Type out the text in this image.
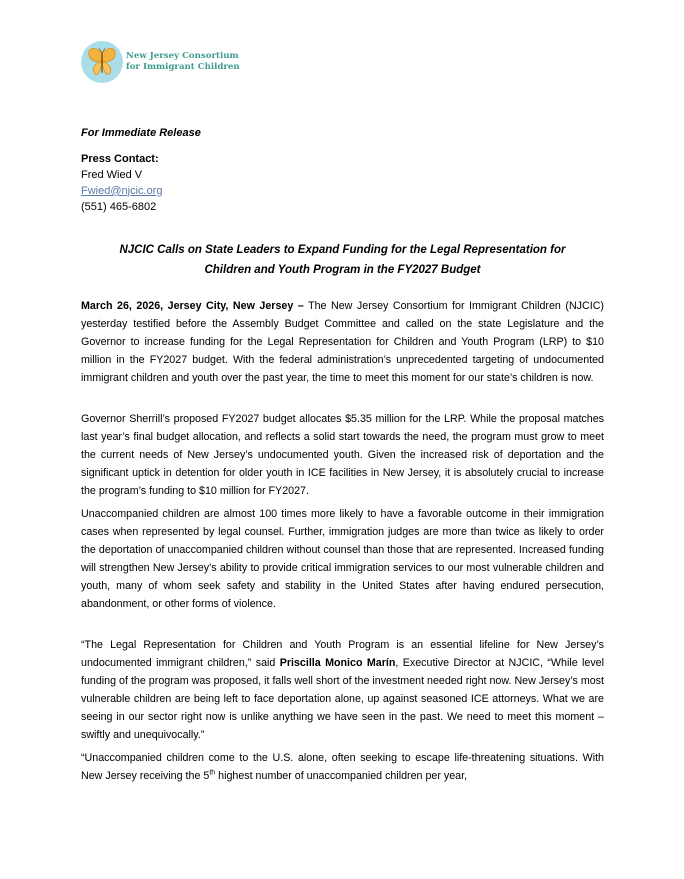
New Jersey Consortium
for Immigrant Children
For Immediate Release
Press Contact:
Fred Wied V
Fwied@njcic.org
(551) 465-6802
NJCIC Calls on State Leaders to Expand Funding for the Legal Representation for
Children and Youth Program in the FY2027 Budget

March 26, 2026, Jersey City, New Jersey – The New Jersey Consortium for Immigrant Children (NJCIC) yesterday testified before the Assembly Budget Committee and called on the state Legislature and the Governor to increase funding for the Legal Representation for Children and Youth Program (LRP) to $10 million in the FY2027 budget. With the federal administration’s unprecedented targeting of undocumented immigrant children and youth over the past year, the time to meet this moment for our state’s children is now.

Governor Sherrill’s proposed FY2027 budget allocates $5.35 million for the LRP. While the proposal matches last year’s final budget allocation, and reflects a solid start towards the need, the program must grow to meet the current needs of New Jersey’s undocumented youth. Given the increased risk of deportation and the significant uptick in detention for older youth in ICE facilities in New Jersey, it is absolutely crucial to increase the program’s funding to $10 million for FY2027.

Unaccompanied children are almost 100 times more likely to have a favorable outcome in their immigration cases when represented by legal counsel. Further, immigration judges are more than twice as likely to order the deportation of unaccompanied children without counsel than those that are represented. Increased funding will strengthen New Jersey’s ability to provide critical immigration services to our most vulnerable children and youth, many of whom seek safety and stability in the United States after having endured persecution, abandonment, or other forms of violence.

“The Legal Representation for Children and Youth Program is an essential lifeline for New Jersey’s undocumented immigrant children,” said Priscilla Monico Marín, Executive Director at NJCIC, “While level funding of the program was proposed, it falls well short of the investment needed right now. New Jersey’s most vulnerable children are being left to face deportation alone, up against seasoned ICE attorneys. What we are seeing in our sector right now is unlike anything we have seen in the past. We need to meet this moment – swiftly and unequivocally.”

“Unaccompanied children come to the U.S. alone, often seeking to escape life-threatening situations. With New Jersey receiving the 5th highest number of unaccompanied children per year,
